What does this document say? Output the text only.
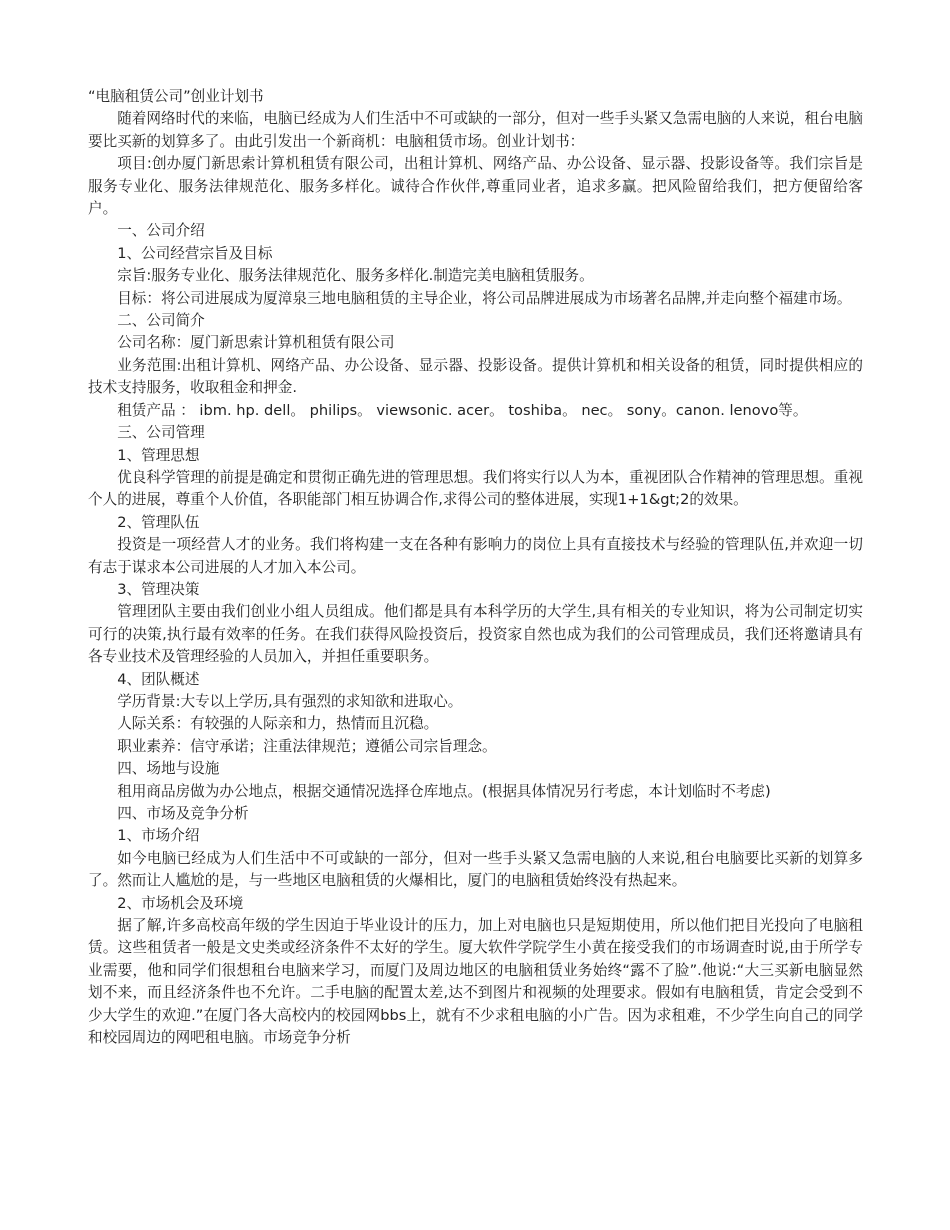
“电脑租赁公司”创业计划书

随着网络时代的来临，电脑已经成为人们生活中不可或缺的一部分，但对一些手头紧又急需电脑的人来说，租台电脑要比买新的划算多了。由此引发出一个新商机：电脑租赁市场。创业计划书：

项目:创办厦门新思索计算机租赁有限公司，出租计算机、网络产品、办公设备、显示器、投影设备等。我们宗旨是服务专业化、服务法律规范化、服务多样化。诚待合作伙伴,尊重同业者，追求多赢。把风险留给我们，把方便留给客户。

一、公司介绍

1、公司经营宗旨及目标

宗旨:服务专业化、服务法律规范化、服务多样化.制造完美电脑租赁服务。

目标：将公司进展成为厦漳泉三地电脑租赁的主导企业，将公司品牌进展成为市场著名品牌,并走向整个福建市场。

二、公司简介

公司名称：厦门新思索计算机租赁有限公司

业务范围:出租计算机、网络产品、办公设备、显示器、投影设备。提供计算机和相关设备的租赁，同时提供相应的技术支持服务，收取租金和押金.

租赁产品 ： ibm. hp. dell。 philips。 viewsonic. acer。 toshiba。 nec。 sony。canon. lenovo等。

三、公司管理

1、管理思想

优良科学管理的前提是确定和贯彻正确先进的管理思想。我们将实行以人为本，重视团队合作精神的管理思想。重视个人的进展，尊重个人价值，各职能部门相互协调合作,求得公司的整体进展，实现1+1&gt;2的效果。

2、管理队伍

投资是一项经营人才的业务。我们将构建一支在各种有影响力的岗位上具有直接技术与经验的管理队伍,并欢迎一切有志于谋求本公司进展的人才加入本公司。

3、管理决策

管理团队主要由我们创业小组人员组成。他们都是具有本科学历的大学生,具有相关的专业知识，将为公司制定切实可行的决策,执行最有效率的任务。在我们获得风险投资后，投资家自然也成为我们的公司管理成员，我们还将邀请具有各专业技术及管理经验的人员加入，并担任重要职务。

4、团队概述

学历背景:大专以上学历,具有强烈的求知欲和进取心。

人际关系：有较强的人际亲和力，热情而且沉稳。

职业素养：信守承诺；注重法律规范；遵循公司宗旨理念。

四、场地与设施

租用商品房做为办公地点，根据交通情况选择仓库地点。(根据具体情况另行考虑，本计划临时不考虑)

四、市场及竞争分析

1、市场介绍

如今电脑已经成为人们生活中不可或缺的一部分，但对一些手头紧又急需电脑的人来说,租台电脑要比买新的划算多了。然而让人尴尬的是，与一些地区电脑租赁的火爆相比，厦门的电脑租赁始终没有热起来。

2、市场机会及环境

据了解,许多高校高年级的学生因迫于毕业设计的压力，加上对电脑也只是短期使用，所以他们把目光投向了电脑租赁。这些租赁者一般是文史类或经济条件不太好的学生。厦大软件学院学生小黄在接受我们的市场调查时说,由于所学专业需要，他和同学们很想租台电脑来学习，而厦门及周边地区的电脑租赁业务始终“露不了脸”.他说:“大三买新电脑显然划不来，而且经济条件也不允许。二手电脑的配置太差,达不到图片和视频的处理要求。假如有电脑租赁，肯定会受到不少大学生的欢迎.”在厦门各大高校内的校园网bbs上，就有不少求租电脑的小广告。因为求租难，不少学生向自己的同学和校园周边的网吧租电脑。市场竞争分析
